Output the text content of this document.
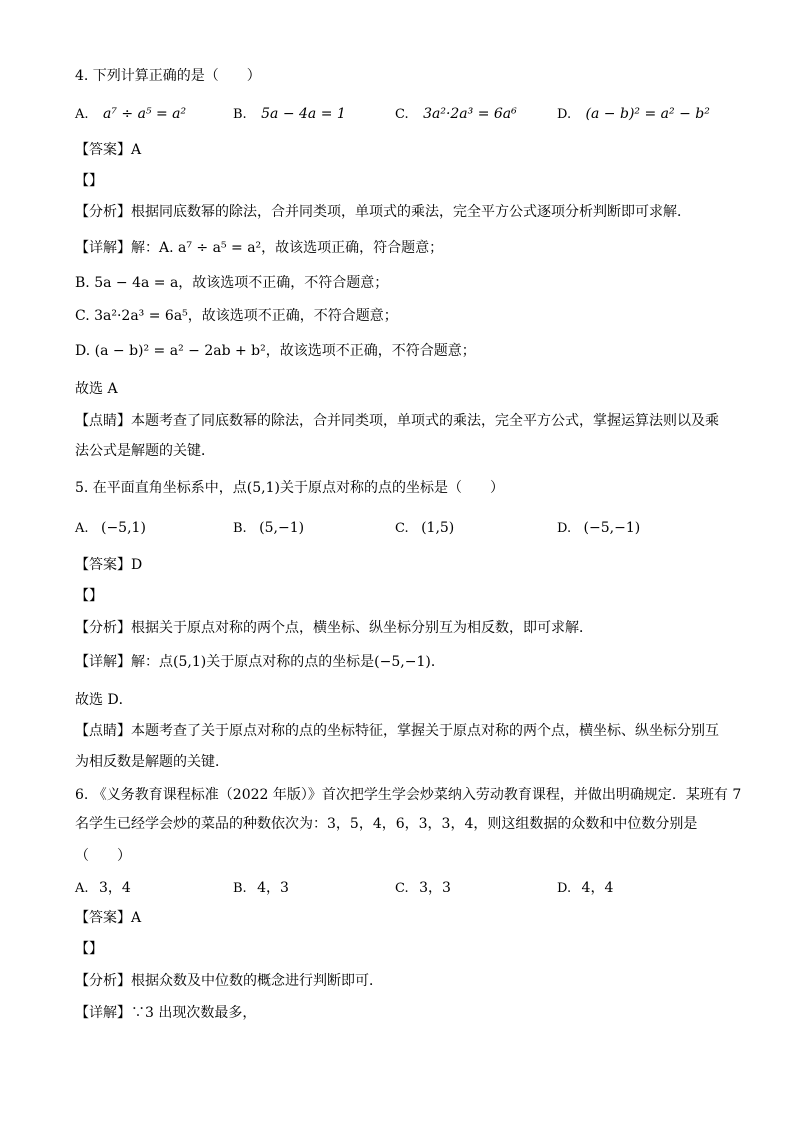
4. 下列计算正确的是（　　）
A. a⁷ ÷ a⁵ = a²	B. 5a − 4a = 1	C. 3a²·2a³ = 6a⁶	D. (a − b)² = a² − b²
【答案】A
【】
【分析】根据同底数幂的除法，合并同类项，单项式的乘法，完全平方公式逐项分析判断即可求解．
【详解】解：A. a⁷ ÷ a⁵ = a²，故该选项正确，符合题意；
B. 5a − 4a = a，故该选项不正确，不符合题意；
C. 3a²·2a³ = 6a⁵，故该选项不正确，不符合题意；
D. (a − b)² = a² − 2ab + b²，故该选项不正确，不符合题意；
故选 A
【点睛】本题考查了同底数幂的除法，合并同类项，单项式的乘法，完全平方公式，掌握运算法则以及乘
法公式是解题的关键．
5. 在平面直角坐标系中，点(5,1)关于原点对称的点的坐标是（　　）
A. (−5,1)	B. (5,−1)	C. (1,5)	D. (−5,−1)
【答案】D
【】
【分析】根据关于原点对称的两个点，横坐标、纵坐标分别互为相反数，即可求解．
【详解】解：点(5,1)关于原点对称的点的坐标是(−5,−1)．
故选 D．
【点睛】本题考查了关于原点对称的点的坐标特征，掌握关于原点对称的两个点，横坐标、纵坐标分别互
为相反数是解题的关键．
6. 《义务教育课程标准（2022 年版）》首次把学生学会炒菜纳入劳动教育课程，并做出明确规定．某班有 7
名学生已经学会炒的菜品的种数依次为：3，5，4，6，3，3，4，则这组数据的众数和中位数分别是
（　　）
A. 3，4	B. 4，3	C. 3，3	D. 4，4
【答案】A
【】
【分析】根据众数及中位数的概念进行判断即可．
【详解】∵3 出现次数最多，
